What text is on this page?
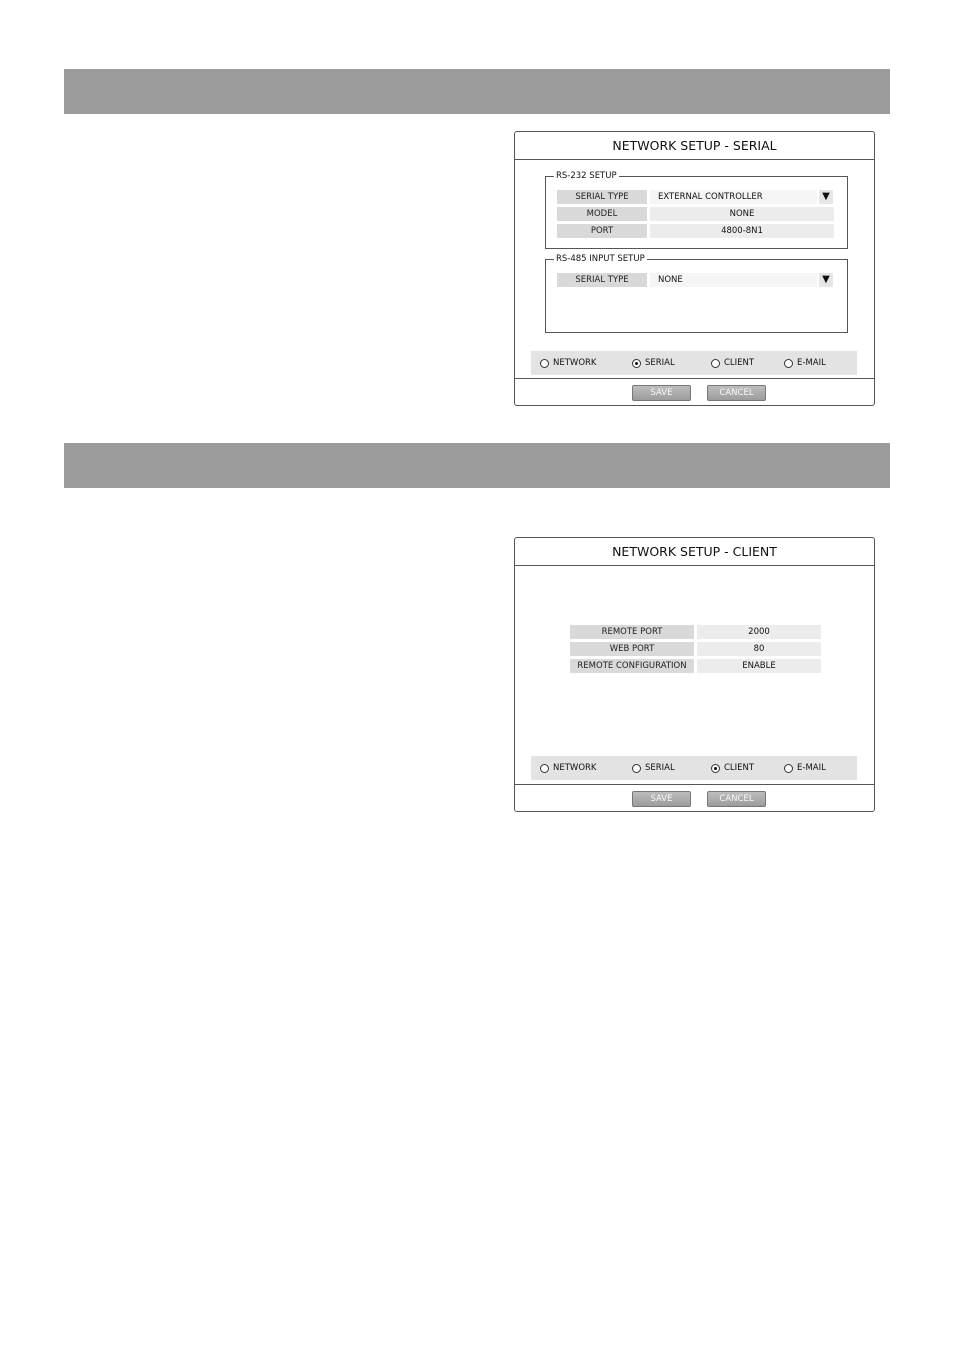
NETWORK SETUP - SERIAL
RS-232 SETUP
SERIAL TYPE	EXTERNAL CONTROLLER	▼
MODEL	NONE
PORT	4800-8N1
RS-485 INPUT SETUP
SERIAL TYPE	NONE	▼
NETWORK	SERIAL	CLIENT	E-MAIL
SAVE	CANCEL
NETWORK SETUP - CLIENT
REMOTE PORT	2000
WEB PORT	80
REMOTE CONFIGURATION	ENABLE
NETWORK	SERIAL	CLIENT	E-MAIL
SAVE	CANCEL
